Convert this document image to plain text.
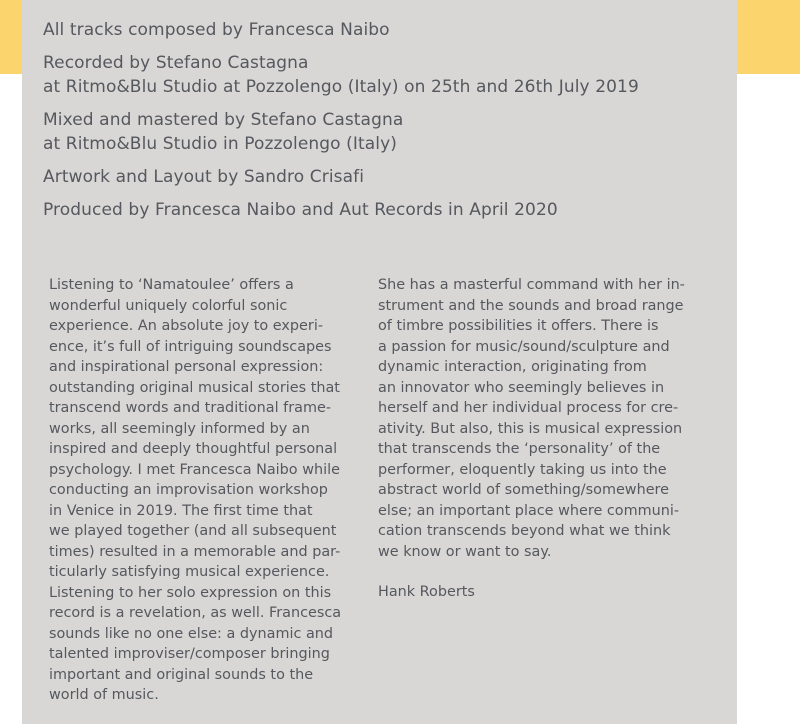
All tracks composed by Francesca Naibo
Recorded by Stefano Castagna
at Ritmo&Blu Studio at Pozzolengo (Italy) on 25th and 26th July 2019
Mixed and mastered by Stefano Castagna
at Ritmo&Blu Studio in Pozzolengo (Italy)
Artwork and Layout by Sandro Crisafi
Produced by Francesca Naibo and Aut Records in April 2020
Listening to ‘Namatoulee’ offers a
wonderful uniquely colorful sonic
experience. An absolute joy to experi-
ence, it’s full of intriguing soundscapes
and inspirational personal expression:
outstanding original musical stories that
transcend words and traditional frame-
works, all seemingly informed by an
inspired and deeply thoughtful personal
psychology. I met Francesca Naibo while
conducting an improvisation workshop
in Venice in 2019. The first time that
we played together (and all subsequent
times) resulted in a memorable and par-
ticularly satisfying musical experience.
Listening to her solo expression on this
record is a revelation, as well. Francesca
sounds like no one else: a dynamic and
talented improviser/composer bringing
important and original sounds to the
world of music.
She has a masterful command with her in-
strument and the sounds and broad range
of timbre possibilities it offers. There is
a passion for music/sound/sculpture and
dynamic interaction, originating from
an innovator who seemingly believes in
herself and her individual process for cre-
ativity. But also, this is musical expression
that transcends the ‘personality’ of the
performer, eloquently taking us into the
abstract world of something/somewhere
else; an important place where communi-
cation transcends beyond what we think
we know or want to say.
Hank Roberts
